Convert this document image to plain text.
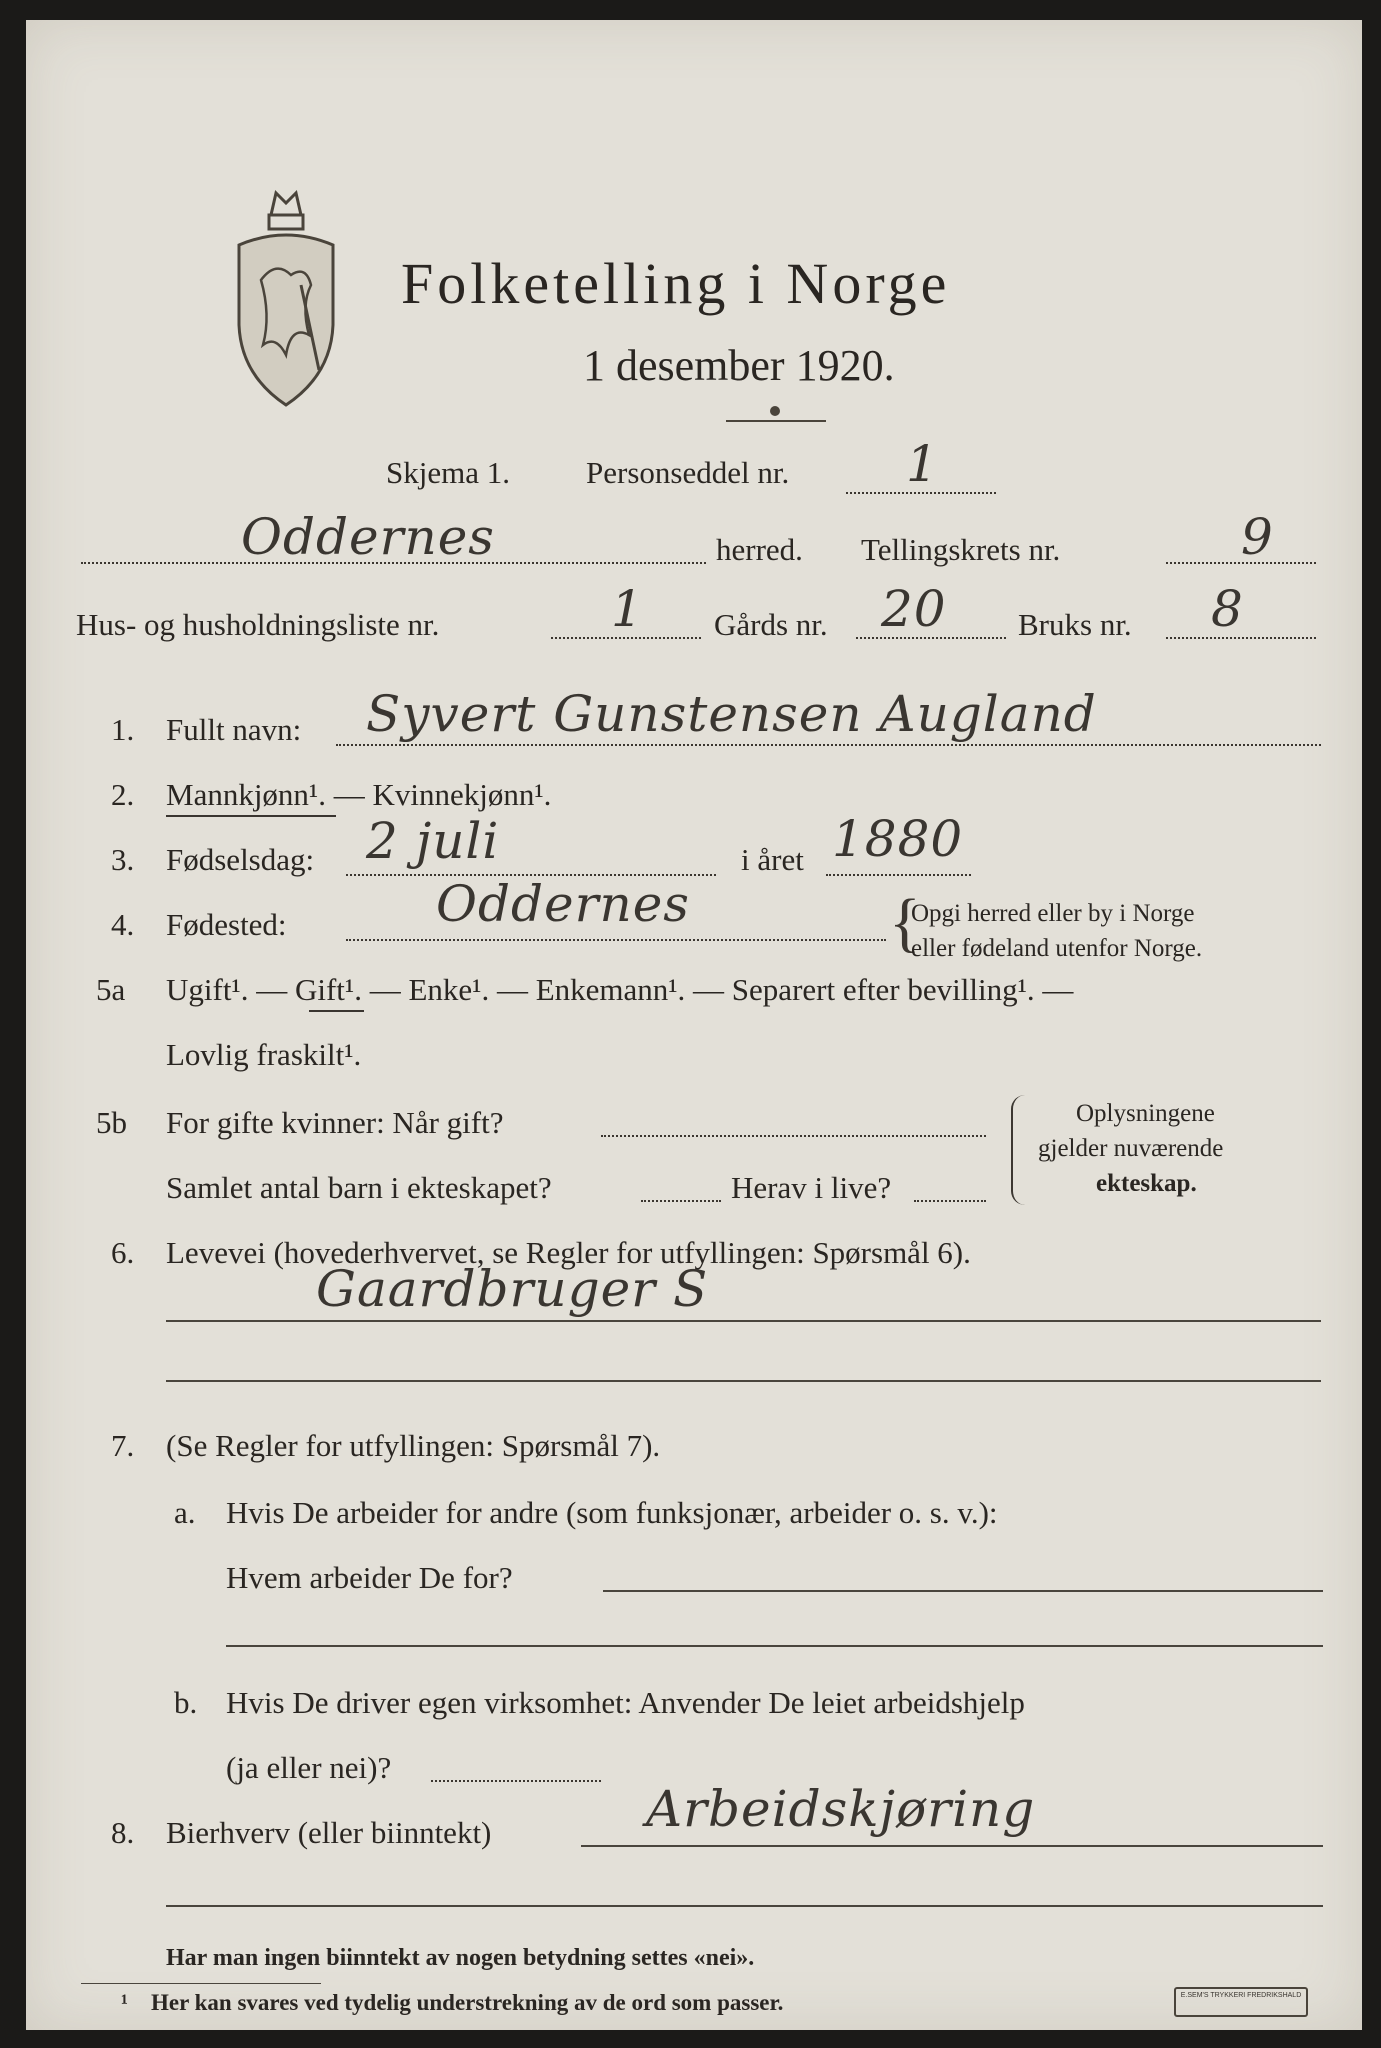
Folketelling i Norge
1 desember 1920.
Skjema 1. Personseddel nr. 1
Oddernes	herred. Tellingskrets nr.	9
Hus- og husholdningsliste nr.	1 Gårds nr. 20 Bruks nr. 8
1. Fullt navn: Syvert Gunstensen Augland
2. Mannkjønn¹. — Kvinnekjønn¹.
3. Fødselsdag: 2 juli	i året 1880
4. Fødested:	Oddernes	{
Opgi herred eller by i Norge
eller fødeland utenfor Norge.
5a Ugift¹. — Gift¹. — Enke¹. — Enkemann¹. — Separert efter bevilling¹. —
Lovlig fraskilt¹.
5b For gifte kvinner: Når gift?
Samlet antal barn i ekteskapet?	Herav i live?
Oplysningene
gjelder nuværende
ekteskap.
6. Levevei (hovederhvervet, se Regler for utfyllingen: Spørsmål 6).
Gaardbruger S
7. (Se Regler for utfyllingen: Spørsmål 7).
a. Hvis De arbeider for andre (som funksjonær, arbeider o. s. v.):
Hvem arbeider De for?
b. Hvis De driver egen virksomhet: Anvender De leiet arbeidshjelp
(ja eller nei)?
8. Bierhverv (eller biinntekt)	Arbeidskjøring
Har man ingen biinntekt av nogen betydning settes «nei».
¹ Her kan svares ved tydelig understrekning av de ord som passer.	E.SEM'S TRYKKERI FREDRIKSHALD
